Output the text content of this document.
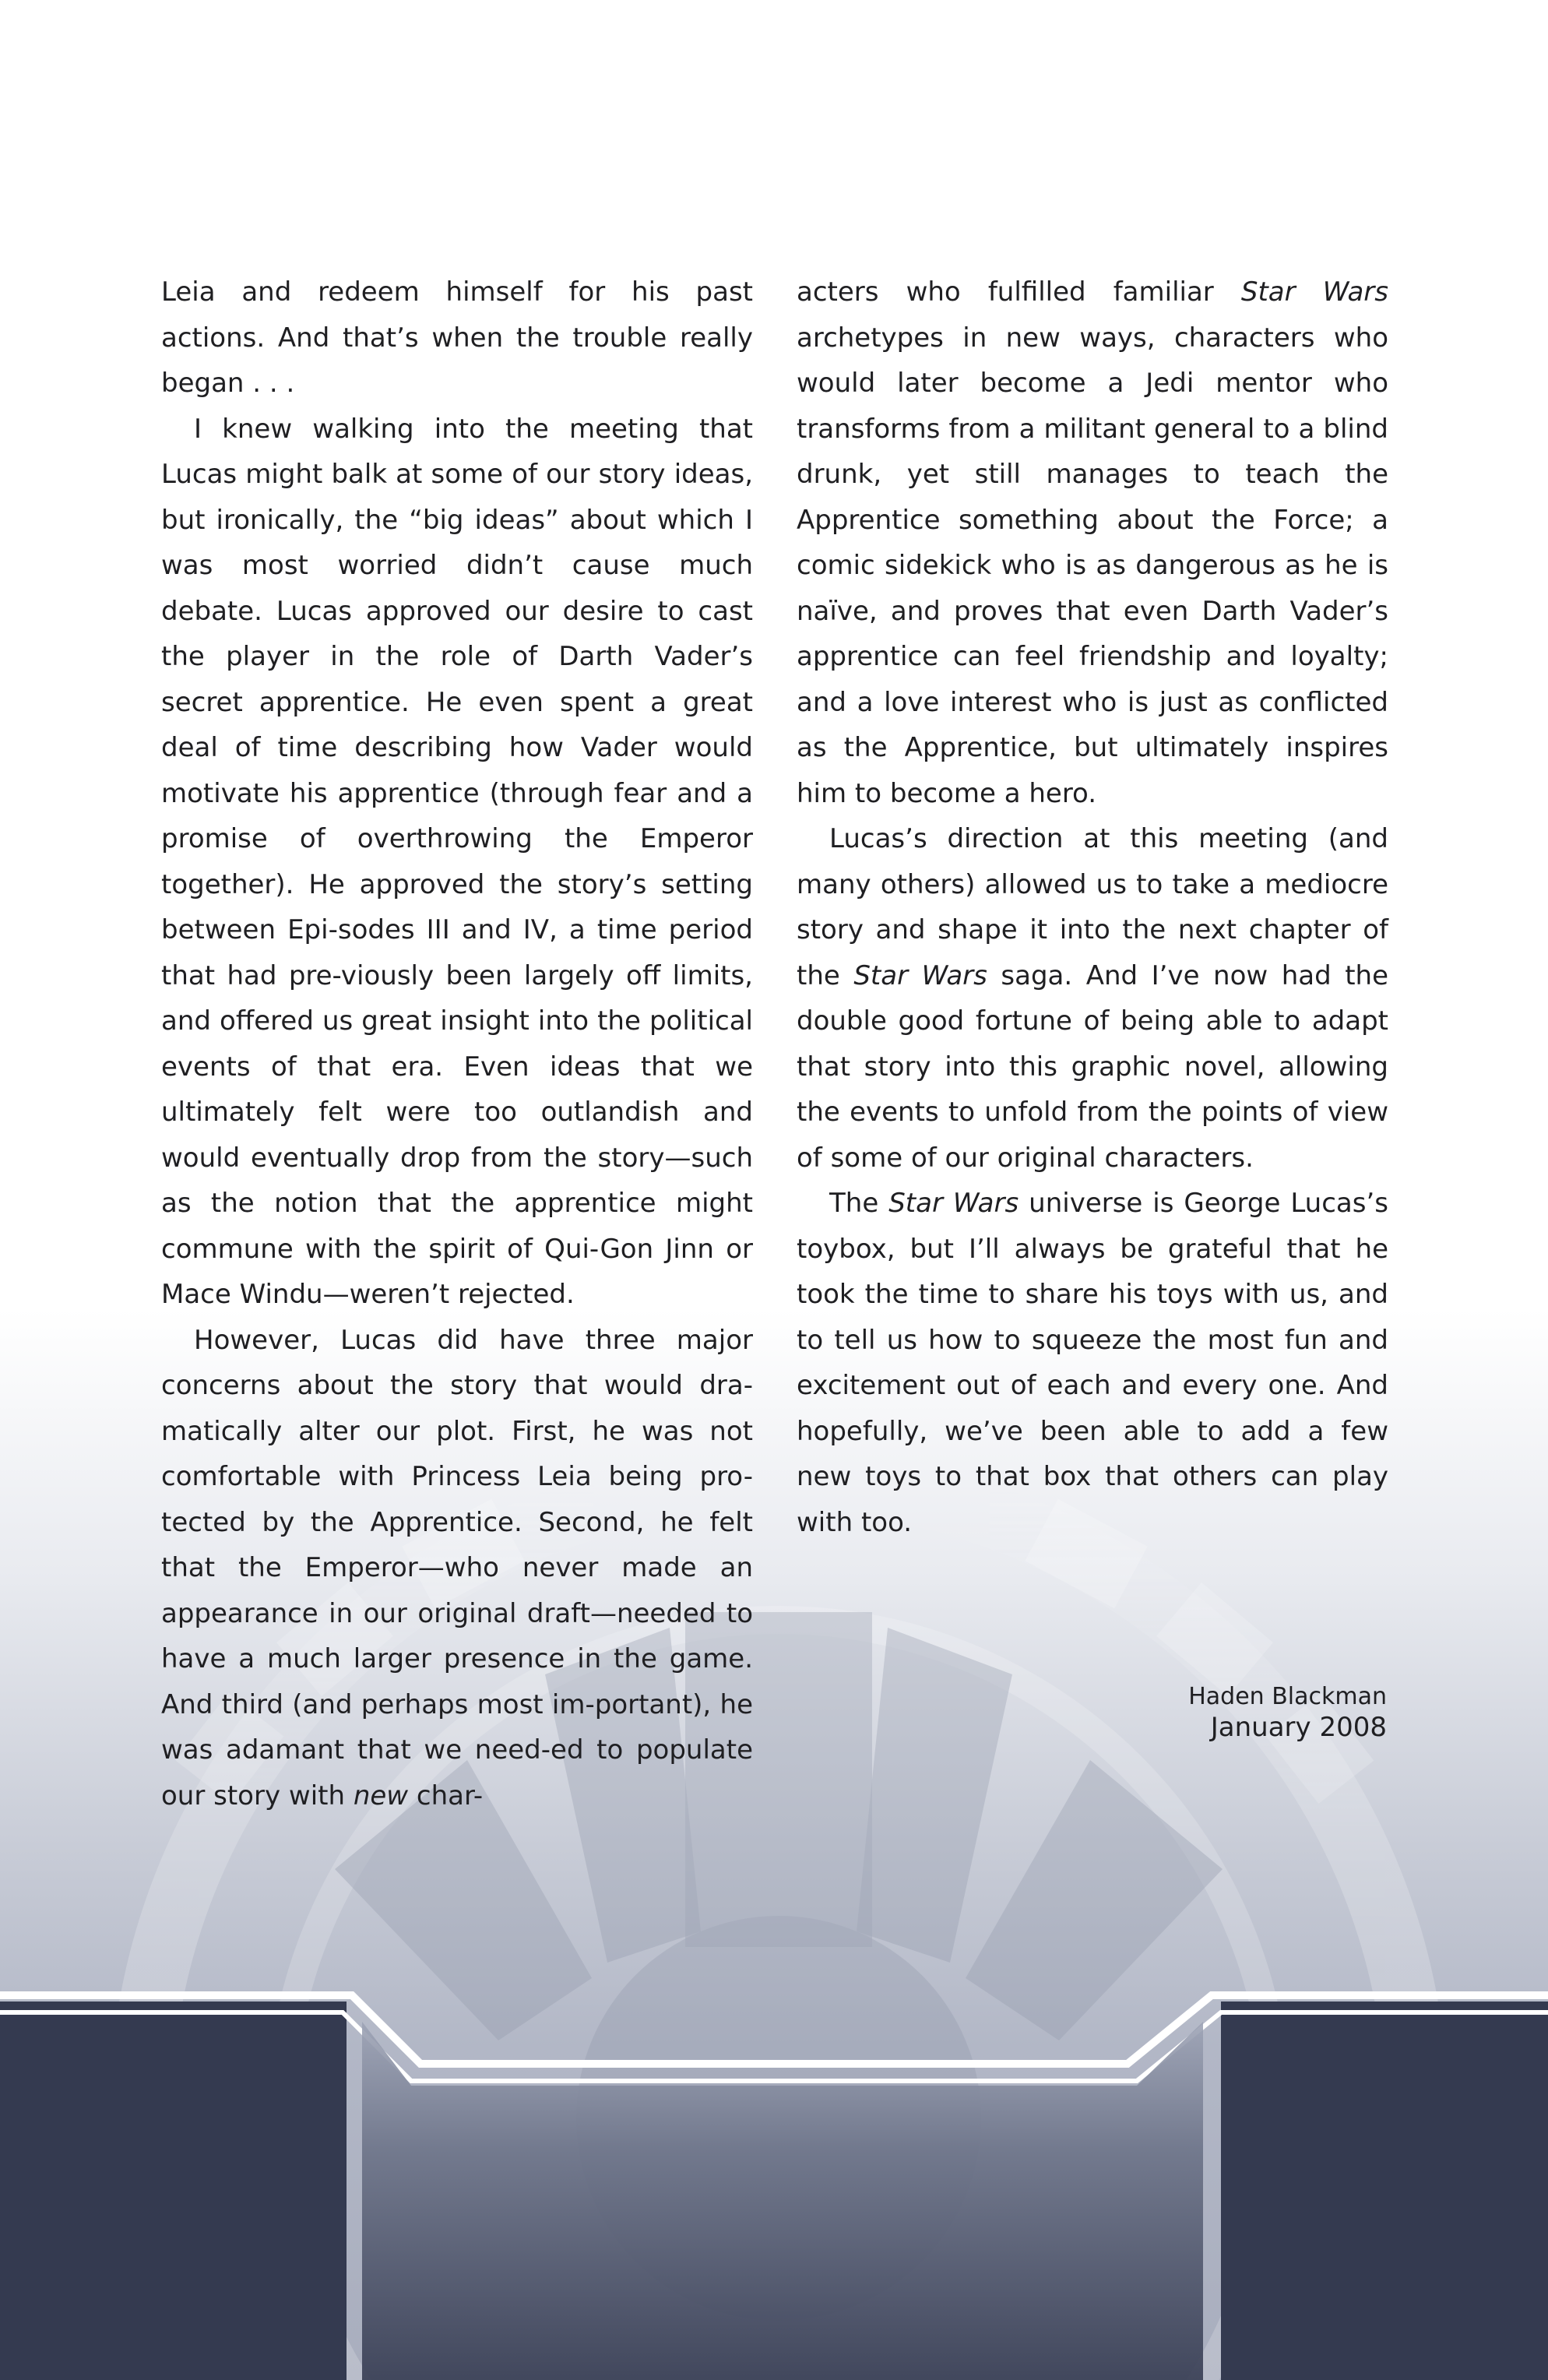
Leia and redeem himself for his past actions. And that’s when the trouble really began . . .

I knew walking into the meeting that Lucas might balk at some of our story ideas, but ironically, the “big ideas” about which I was most worried didn’t cause much debate. Lucas approved our desire to cast the player in the role of Darth Vader’s secret apprentice. He even spent a great deal of time describing how Vader would motivate his apprentice (through fear and a promise of overthrowing the Emperor together). He approved the story’s setting between Epi-sodes III and IV, a time period that had pre-viously been largely off limits, and offered us great insight into the political events of that era. Even ideas that we ultimately felt were too outlandish and would eventually drop from the story—such as the notion that the apprentice might commune with the spirit of Qui-Gon Jinn or Mace Windu—weren’t rejected.

However, Lucas did have three major concerns about the story that would dra-matically alter our plot. First, he was not comfortable with Princess Leia being pro-tected by the Apprentice. Second, he felt that the Emperor—who never made an appearance in our original draft—needed to have a much larger presence in the game. And third (and perhaps most im-portant), he was adamant that we need-ed to populate our story with new char-

acters who fulfilled familiar Star Wars archetypes in new ways, characters who would later become a Jedi mentor who transforms from a militant general to a blind drunk, yet still manages to teach the Apprentice something about the Force; a comic sidekick who is as dangerous as he is naïve, and proves that even Darth Vader’s apprentice can feel friendship and loyalty; and a love interest who is just as conflicted as the Apprentice, but ultimately inspires him to become a hero.

Lucas’s direction at this meeting (and many others) allowed us to take a mediocre story and shape it into the next chapter of the Star Wars saga. And I’ve now had the double good fortune of being able to adapt that story into this graphic novel, allowing the events to unfold from the points of view of some of our original characters.

The Star Wars universe is George Lucas’s toybox, but I’ll always be grateful that he took the time to share his toys with us, and to tell us how to squeeze the most fun and excitement out of each and every one. And hopefully, we’ve been able to add a few new toys to that box that others can play with too.

Haden Blackman
January 2008
